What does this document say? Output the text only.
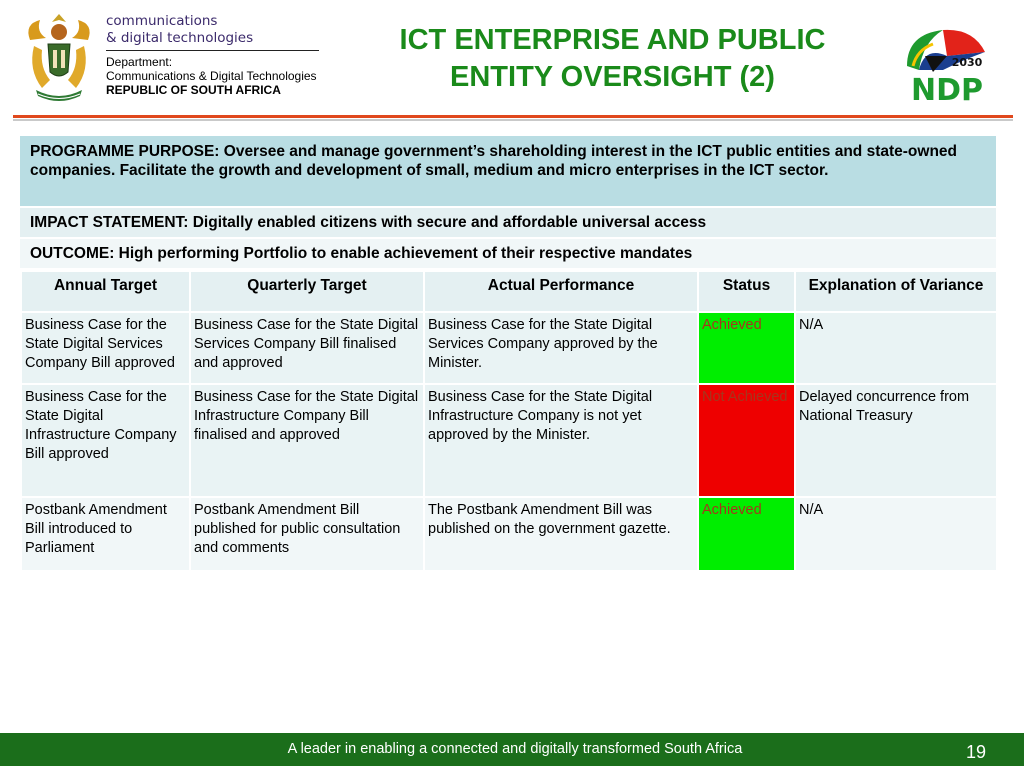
communications
& digital technologies
Department:
Communications & Digital Technologies
REPUBLIC OF SOUTH AFRICA
ICT ENTERPRISE AND PUBLIC
ENTITY OVERSIGHT (2)	2030
NDP
PROGRAMME PURPOSE: Oversee and manage government’s shareholding interest in the ICT public entities and state-owned companies. Facilitate the growth and development of small, medium and micro enterprises in the ICT sector.
IMPACT STATEMENT: Digitally enabled citizens with secure and affordable universal access
OUTCOME: High performing Portfolio to enable achievement of their respective mandates
Annual Target	Quarterly Target	Actual Performance	Status	Explanation of Variance
Business Case for the State Digital Services Company Bill approved	Business Case for the State Digital Services Company Bill finalised and approved	Business Case for the State Digital Services Company approved by the Minister.	Achieved	N/A
Business Case for the State Digital Infrastructure Company Bill approved	Business Case for the State Digital Infrastructure Company Bill finalised and approved	Business Case for the State Digital Infrastructure Company is not yet approved by the Minister.	Not Achieved	Delayed concurrence from National Treasury
Postbank Amendment Bill introduced to Parliament	Postbank Amendment Bill published for public consultation and comments	The Postbank Amendment Bill was published on the government gazette.	Achieved	N/A
A leader in enabling a connected and digitally transformed South Africa	19
